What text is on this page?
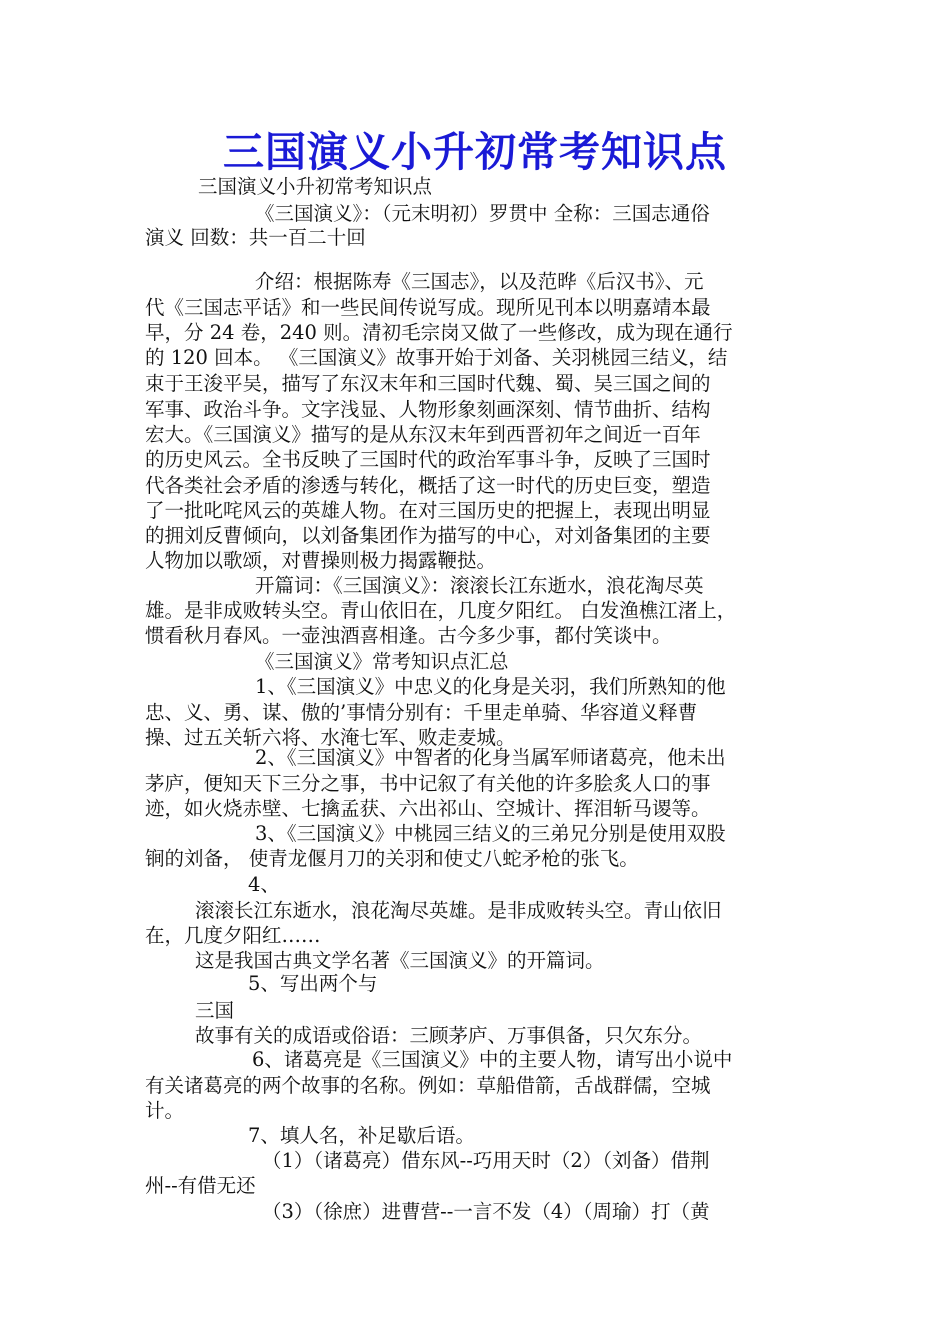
三国演义小升初常考知识点
三国演义小升初常考知识点
《三国演义》：（元末明初）罗贯中 全称：三国志通俗
演义 回数：共一百二十回
介绍：根据陈寿《三国志》，以及范晔《后汉书》、元
代《三国志平话》和一些民间传说写成。现所见刊本以明嘉靖本最
早，分 24 卷，240 则。清初毛宗岗又做了一些修改，成为现在通行
的 120 回本。 《三国演义》故事开始于刘备、关羽桃园三结义，结
束于王浚平吴，描写了东汉末年和三国时代魏、蜀、吴三国之间的
军事、政治斗争。文字浅显、人物形象刻画深刻、情节曲折、结构
宏大。《三国演义》描写的是从东汉末年到西晋初年之间近一百年
的历史风云。全书反映了三国时代的政治军事斗争，反映了三国时
代各类社会矛盾的渗透与转化，概括了这一时代的历史巨变，塑造
了一批叱咤风云的英雄人物。在对三国历史的把握上，表现出明显
的拥刘反曹倾向，以刘备集团作为描写的中心，对刘备集团的主要
人物加以歌颂，对曹操则极力揭露鞭挞。
开篇词：《三国演义》：滚滚长江东逝水，浪花淘尽英
雄。是非成败转头空。青山依旧在，几度夕阳红。 白发渔樵江渚上，
惯看秋月春风。一壶浊酒喜相逢。古今多少事，都付笑谈中。
《三国演义》常考知识点汇总
1、《三国演义》中忠义的化身是关羽，我们所熟知的他
忠、义、勇、谋、傲的’事情分别有：千里走单骑、华容道义释曹
操、过五关斩六将、水淹七军、败走麦城。
2、《三国演义》中智者的化身当属军师诸葛亮，他未出
茅庐，便知天下三分之事，书中记叙了有关他的许多脍炙人口的事
迹，如火烧赤壁、七擒孟获、六出祁山、空城计、挥泪斩马谡等。
3、《三国演义》中桃园三结义的三弟兄分别是使用双股
锏的刘备， 使青龙偃月刀的关羽和使丈八蛇矛枪的张飞。
4、
滚滚长江东逝水，浪花淘尽英雄。是非成败转头空。青山依旧
在，几度夕阳红……
这是我国古典文学名著《三国演义》的开篇词。
5、写出两个与
三国
故事有关的成语或俗语：三顾茅庐、万事俱备，只欠东分。
6、诸葛亮是《三国演义》中的主要人物，请写出小说中
有关诸葛亮的两个故事的名称。例如：草船借箭，舌战群儒，空城
计。
7、填人名，补足歇后语。
（1）（诸葛亮）借东风--巧用天时（2）（刘备）借荆
州--有借无还
（3）（徐庶）进曹营--一言不发（4）（周瑜）打（黄
